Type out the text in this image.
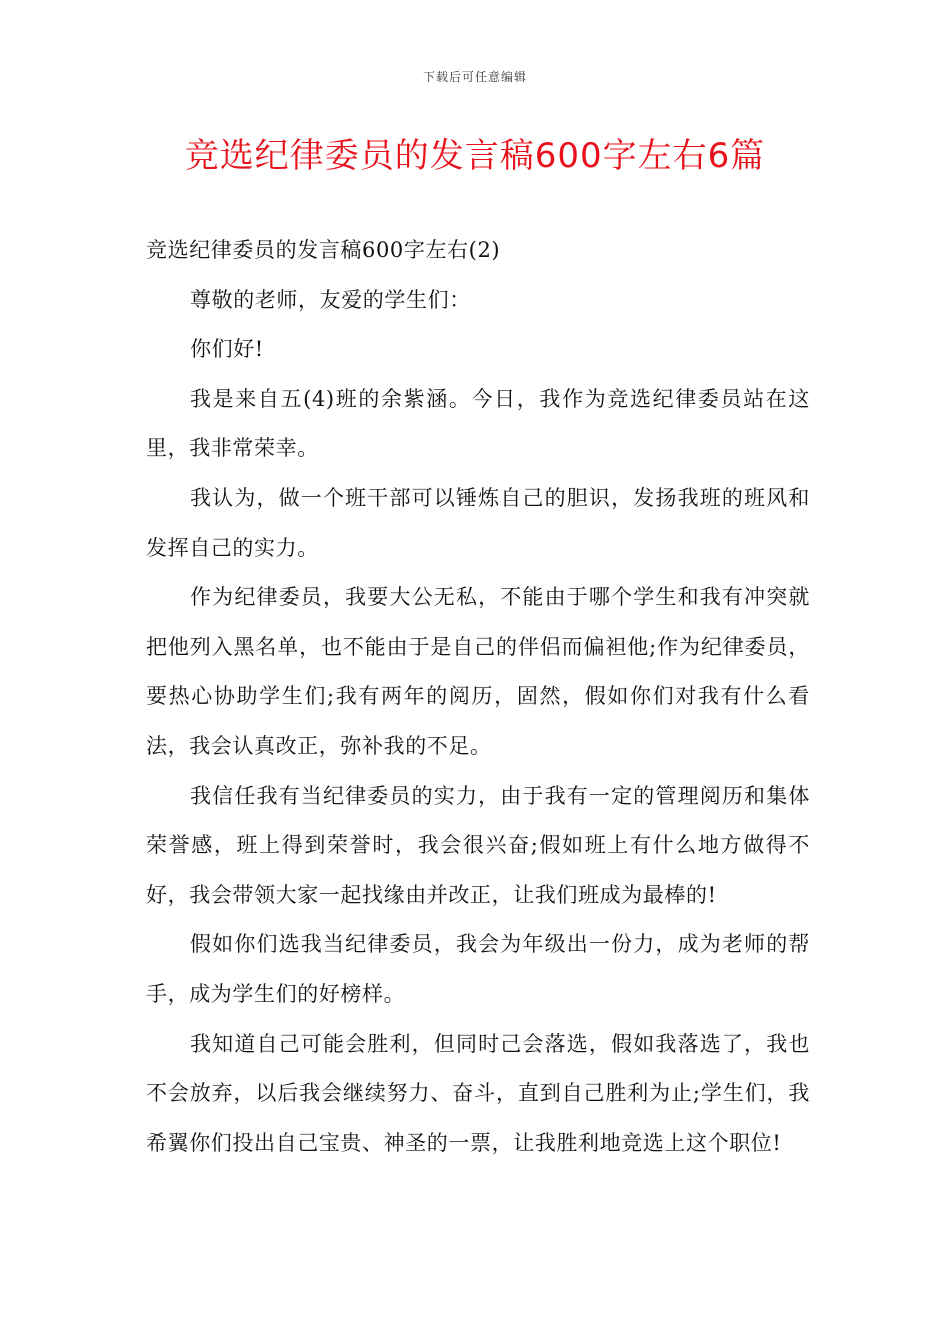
下载后可任意编辑
竞选纪律委员的发言稿600字左右6篇

竞选纪律委员的发言稿600字左右(2)

尊敬的老师，友爱的学生们：

你们好!

我是来自五(4)班的余紫涵。今日，我作为竞选纪律委员站在这里，我非常荣幸。

我认为，做一个班干部可以锤炼自己的胆识，发扬我班的班风和发挥自己的实力。

作为纪律委员，我要大公无私，不能由于哪个学生和我有冲突就把他列入黑名单，也不能由于是自己的伴侣而偏袒他;作为纪律委员，要热心协助学生们;我有两年的阅历，固然，假如你们对我有什么看法，我会认真改正，弥补我的不足。

我信任我有当纪律委员的实力，由于我有一定的管理阅历和集体荣誉感，班上得到荣誉时，我会很兴奋;假如班上有什么地方做得不好，我会带领大家一起找缘由并改正，让我们班成为最棒的!

假如你们选我当纪律委员，我会为年级出一份力，成为老师的帮手，成为学生们的好榜样。

我知道自己可能会胜利，但同时己会落选，假如我落选了，我也不会放弃，以后我会继续努力、奋斗，直到自己胜利为止;学生们，我希翼你们投出自己宝贵、神圣的一票，让我胜利地竞选上这个职位!
